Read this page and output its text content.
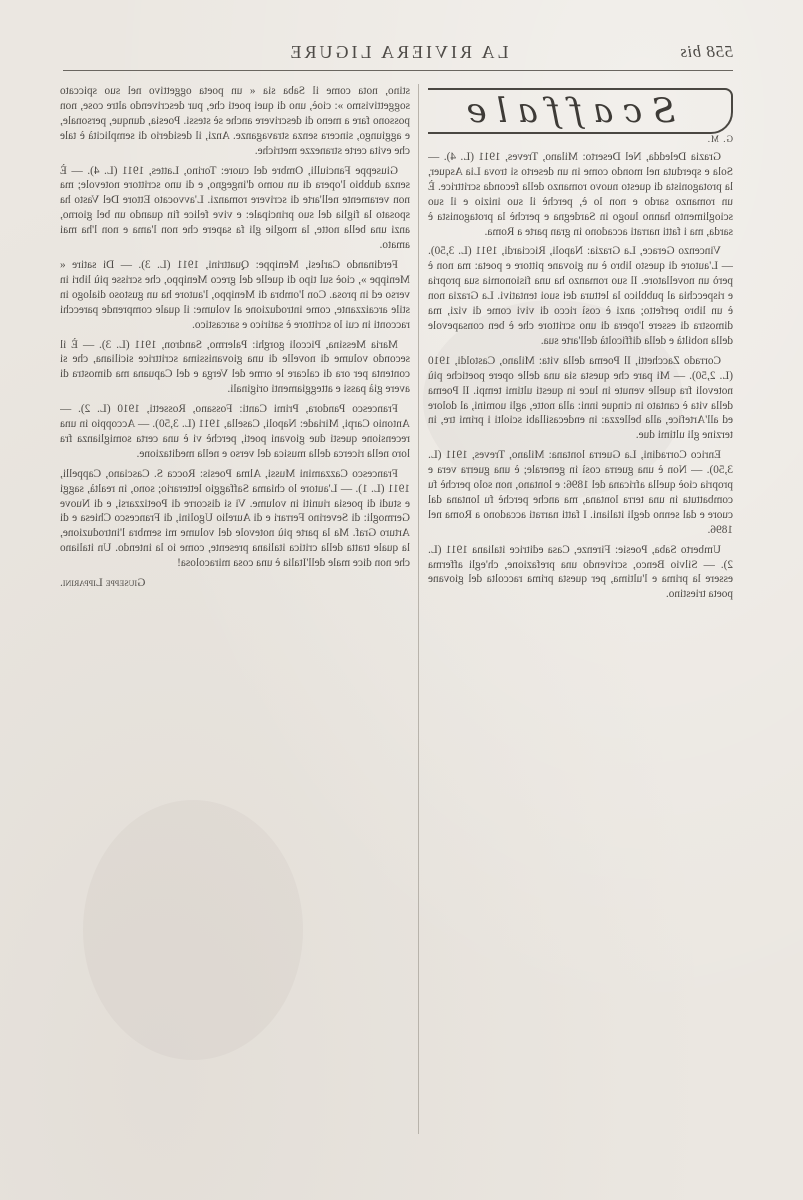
558 bis
LA RIVIERA LIGURE
Scaffale
G. M.

Grazia Deledda, Nel Deserto: Milano, Treves, 1911 (L. 4). — Sola e sperduta nel mondo come in un deserto si trova Lia Asquer, la protagonista di questo nuovo romanzo della feconda scrittrice. È un romanzo sardo e non lo è, perchè il suo inizio e il suo scioglimento hanno luogo in Sardegna e perchè la protagonista è sarda, ma i fatti narrati accadono in gran parte a Roma.

Vincenzo Gerace, La Grazia: Napoli, Ricciardi, 1911 (L. 3,50). — L'autore di questo libro è un giovane pittore e poeta: ma non è però un novellatore. Il suo romanzo ha una fisionomia sua propria e rispecchia al pubblico la lettura dei suoi tentativi. La Grazia non è un libro perfetto; anzi è così ricco di vivi come di vizi, ma dimostra di essere l'opera di uno scrittore che è ben consapevole della nobiltà e della difficoltà dell'arte sua.

Corrado Zacchetti, Il Poema della vita: Milano, Castoldi, 1910 (L. 2,50). — Mi pare che questa sia una delle opere poetiche più notevoli fra quelle venute in luce in questi ultimi tempi. Il Poema della vita è cantato in cinque inni: alla notte, agli uomini, al dolore ed all'Artefice, alla bellezza: in endecasillabi sciolti i primi tre, in terzine gli ultimi due.

Enrico Corradini, La Guerra lontana: Milano, Treves, 1911 (L. 3,50). — Non è una guerra così in generale; è una guerra vera e propria cioè quella africana del 1896: e lontano, non solo perchè fu combattuta in una terra lontana, ma anche perchè fu lontana dal cuore e dal senno degli italiani. I fatti narrati accadono a Roma nel 1896.

Umberto Saba, Poesie: Firenze, Casa editrice italiana 1911 (L. 2). — Silvio Benco, scrivendo una prefazione, ch'egli afferma essere la prima e l'ultima, per questa prima raccolta del giovane poeta triestino.

stino, nota come il Saba sia « un poeta oggettivo nel suo spiccato soggettivismo »: cioè, uno di quei poeti che, pur descrivendo altre cose, non possono fare a meno di descrivere anche sè stessi. Poesia, dunque, personale, e aggiungo, sincera senza stravaganze. Anzi, il desiderio di semplicità è tale che evita certe stranezze metriche.

Giuseppe Fanciulli, Ombre del cuore: Torino, Lattes, 1911 (L. 4). — È senza dubbio l'opera di un uomo d'ingegno, e di uno scrittore notevole; ma non veramente nell'arte di scrivere romanzi. L'avvocato Ettore Del Vasto ha sposato la figlia del suo principale: e vive felice fin quando un bel giorno, anzi una bella notte, la moglie gli fa sapere che non l'ama e non l'ha mai amato.

Ferdinando Carlesi, Menippe: Quattrini, 1911 (L. 3). — Di satire « Menippe », cioè sul tipo di quelle del greco Menippo, che scrisse più libri in verso ed in prosa. Con l'ombra di Menippo, l'autore ha un gustoso dialogo in stile arcaizzante, come introduzione al volume: il quale comprende parecchi racconti in cui lo scrittore è satirico e sarcastico.

Maria Messina, Piccoli gorghi: Palermo, Sandron, 1911 (L. 3). — È il secondo volume di novelle di una giovanissima scrittrice siciliana, che si contenta per ora di calcare le orme del Verga e del Capuana ma dimostra di avere già passi e atteggiamenti originali.

Francesco Pandora, Primi Canti: Fossano, Rossetti, 1910 (L. 2). — Antonio Carpi, Miriade: Napoli, Casella, 1911 (L. 3,50). — Accoppio in una recensione questi due giovani poeti, perchè vi è una certa somiglianza fra loro nella ricerca della musica del verso e nella meditazione.

Francesco Cazzamini Mussi, Alma Poesis: Rocca S. Casciano, Cappelli, 1911 (L. 1). — L'autore lo chiama Saffaggio letterario; sono, in realtà, saggi e studi di poesia riuniti in volume. Vi si discorre di Poetizzarsi, e di Nuove Germogli: di Severino Ferrari e di Aurelio Ugolini, di Francesco Chiesa e di Arturo Graf. Ma la parte più notevole del volume mi sembra l'introduzione, la quale tratta della critica italiana presente, come io la intendo. Un italiano che non dice male dell'Italia è una cosa miracolosa!

Giuseppe Lipparini.
